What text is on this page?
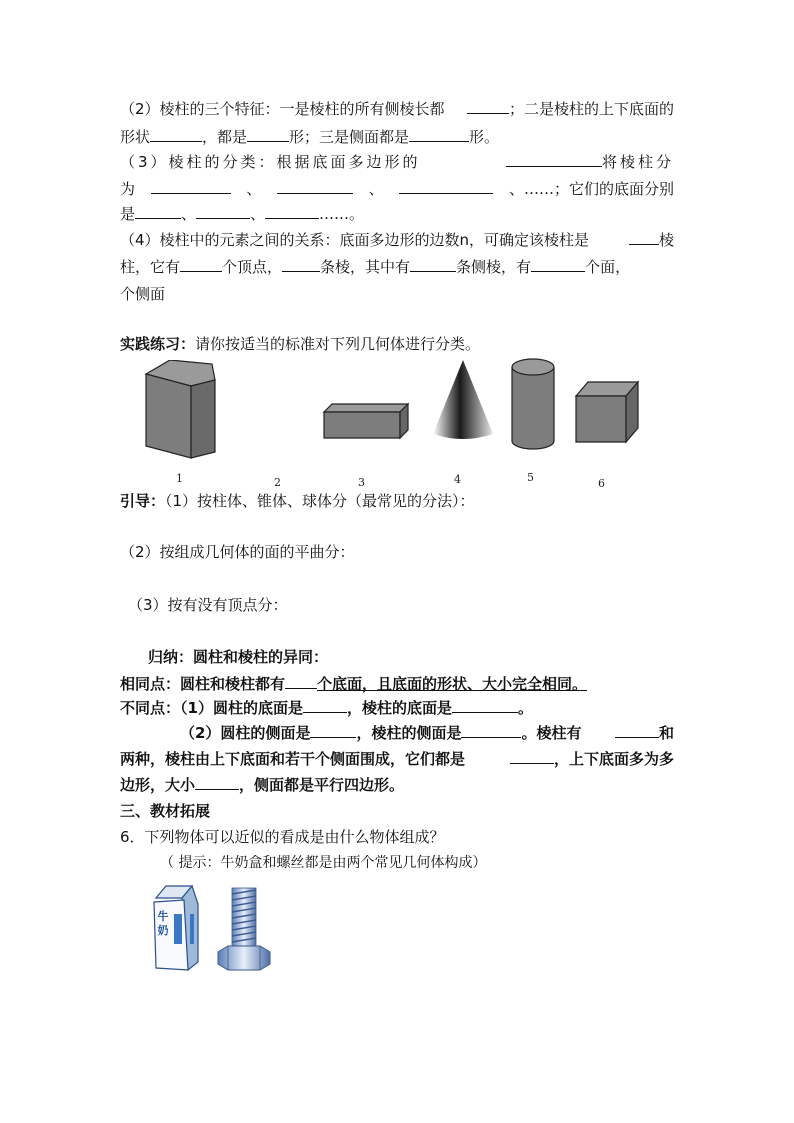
（2）棱柱的三个特征：一是棱柱的所有侧棱长都	；二是棱柱的上下底面的
形状	，都是	形；三是侧面都是	形。
（3）棱柱的分类：根据底面多边形的	将棱柱分
为	、	、	、……；它们的底面分别
是	、	、	……。
（4）棱柱中的元素之间的关系：底面多边形的边数n，可确定该棱柱是	棱
柱，它有	个顶点，	条棱，其中有	条侧棱，有	个面，
个侧面
实践练习：请你按适当的标准对下列几何体进行分类。
1	2	3	4	5	6
引导：（1）按柱体、锥体、球体分（最常见的分法）：
（2）按组成几何体的面的平曲分：
（3）按有没有顶点分：
归纳：圆柱和棱柱的异同：
相同点：圆柱和棱柱都有 个底面，且底面的形状、大小完全相同。
不同点：（1）圆柱的底面是	，棱柱的底面是	。
（2）圆柱的侧面是	，棱柱的侧面是	。棱柱有	和
两种，棱柱由上下底面和若干个侧面围成，它们都是	，上下底面多为多
边形，大小	，侧面都是平行四边形。
三、教材拓展
6．下列物体可以近似的看成是由什么物体组成？
（ 提示：牛奶盒和螺丝都是由两个常见几何体构成）
牛奶
